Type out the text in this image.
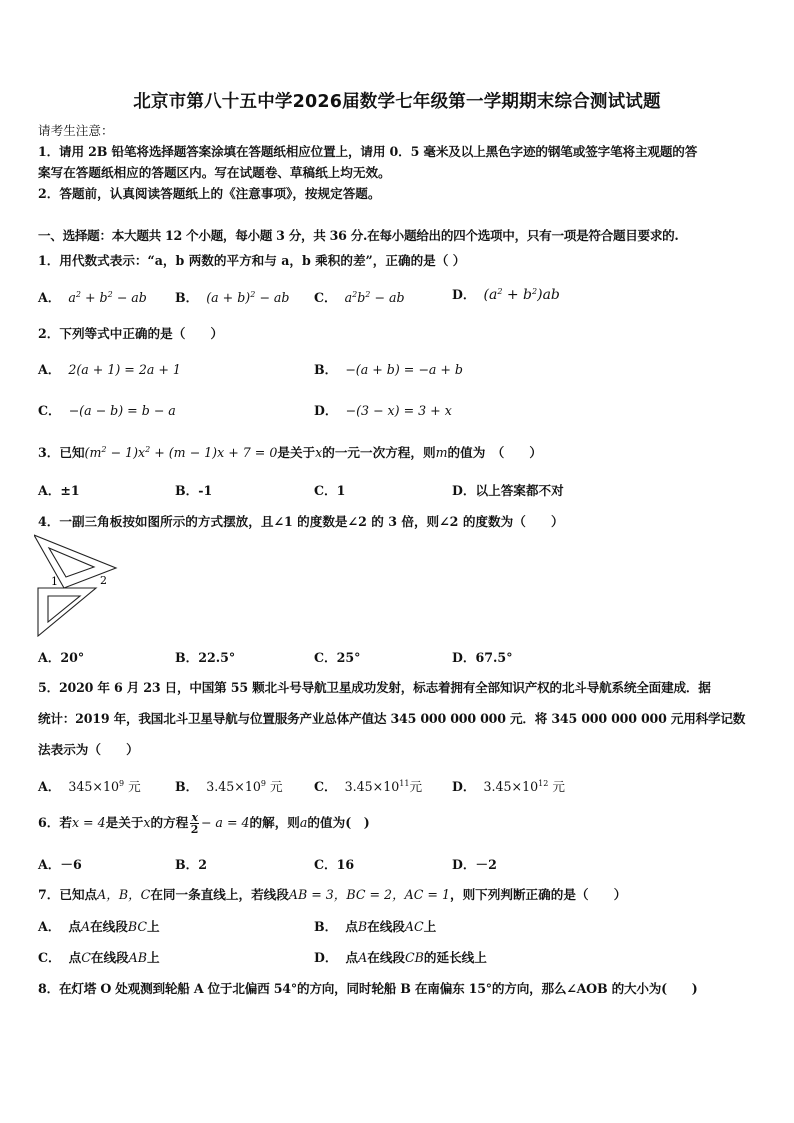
北京市第八十五中学2026届数学七年级第一学期期末综合测试试题
请考生注意：
1．请用 2B 铅笔将选择题答案涂填在答题纸相应位置上，请用 0．5 毫米及以上黑色字迹的钢笔或签字笔将主观题的答
案写在答题纸相应的答题区内。写在试题卷、草稿纸上均无效。
2．答题前，认真阅读答题纸上的《注意事项》，按规定答题。
一、选择题：本大题共 12 个小题，每小题 3 分，共 36 分.在每小题给出的四个选项中，只有一项是符合题目要求的.
1．用代数式表示：“a，b 两数的平方和与 a，b 乘积的差”，正确的是（ ）
A． $a^2 + b^2$ − ab B． $(a + b)^2$ − ab C． $a^2b^2$ − ab	D． $(a^2 + b^2)ab$
2．下列等式中正确的是（　　）
A． 2(a + 1) = 2a + 1	B． −(a + b) = −a + b
C． −(a − b) = b − a	D． −(3 − x) = 3 + x
3．已知$(m^2 - 1)x^2 + (m - 1)x + 7 = 0$是关于x的一元一次方程，则m的值为　（　　）
A．±1	B．-1	C．1	D．以上答案都不对
4．一副三角板按如图所示的方式摆放，且∠1 的度数是∠2 的 3 倍，则∠2 的度数为（　　）
1	2
A．20°	B．22.5°	C．25°	D．67.5°
5．2020 年 6 月 23 日，中国第 55 颗北斗号导航卫星成功发射，标志着拥有全部知识产权的北斗导航系统全面建成．据
统计：2019 年，我国北斗卫星导航与位置服务产业总体产值达 345 000 000 000 元．将 345 000 000 000 元用科学记数
法表示为（　　）
A． $345\times 10^9$ 元	B． $3.45\times 10^9$ 元 C． $3.45\times 10^{11}$元 D． $3.45\times 10^{12}$ 元
6．若x = 4是关于x的方程 $\frac{x}{2} - a = 4$的解，则a的值为(　)
A．－6	B．2	C．16	D．－2
7．已知点A，B，C在同一条直线上，若线段AB = 3，BC = 2，AC = 1，则下列判断正确的是（　　）
A． 点A在线段BC上	B． 点B在线段AC上
C． 点C在线段AB上	D． 点A在线段CB的延长线上
8．在灯塔 O 处观测到轮船 A 位于北偏西 54°的方向，同时轮船 B 在南偏东 15°的方向，那么∠AOB 的大小为(　　)
